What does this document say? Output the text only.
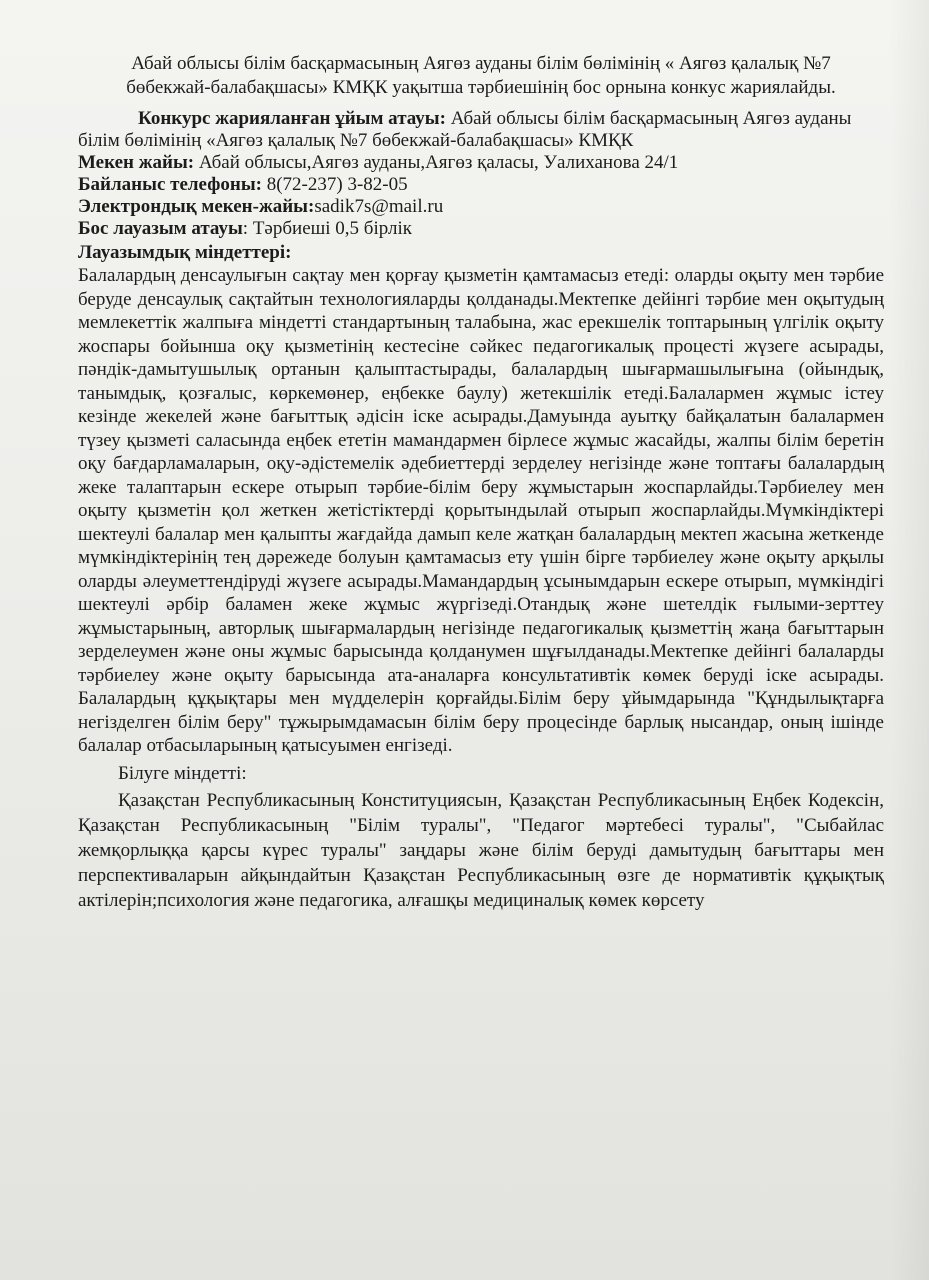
Абай облысы білім басқармасының Аягөз ауданы білім бөлімінің « Аягөз қалалық №7 бөбекжай-балабақшасы» КМҚК уақытша тәрбиешінің бос орнына конкус жариялайды.

Конкурс жарияланған ұйым атауы: Абай облысы білім басқармасының Аягөз ауданы білім бөлімінің «Аягөз қалалық №7 бөбекжай-балабақшасы» КМҚК

Мекен жайы: Абай облысы,Аягөз ауданы,Аягөз қаласы, Уалиханова 24/1

Байланыс телефоны: 8(72-237) 3-82-05

Электрондық мекен-жайы:sadik7s@mail.ru

Бос лауазым атауы: Тәрбиеші 0,5 бірлік

Лауазымдық міндеттері:

Балалардың денсаулығын сақтау мен қорғау қызметін қамтамасыз етеді: оларды оқыту мен тәрбие беруде денсаулық сақтайтын технологияларды қолданады.Мектепке дейінгі тәрбие мен оқытудың мемлекеттік жалпыға міндетті стандартының талабына, жас ерекшелік топтарының үлгілік оқыту жоспары бойынша оқу қызметінің кестесіне сәйкес педагогикалық процесті жүзеге асырады, пәндік-дамытушылық ортанын қалыптастырады, балалардың шығармашылығына (ойындық, танымдық, қозғалыс, көркемөнер, еңбекке баулу) жетекшілік етеді.Балалармен жұмыс істеу кезінде жекелей және бағыттық әдісін іске асырады.Дамуында ауытқу байқалатын балалармен түзеу қызметі саласында еңбек ететін мамандармен бірлесе жұмыс жасайды, жалпы білім беретін оқу бағдарламаларын, оқу-әдістемелік әдебиеттерді зерделеу негізінде және топтағы балалардың жеке талаптарын ескере отырып тәрбие-білім беру жұмыстарын жоспарлайды.Тәрбиелеу мен оқыту қызметін қол жеткен жетістіктерді қорытындылай отырып жоспарлайды.Мүмкіндіктері шектеулі балалар мен қалыпты жағдайда дамып келе жатқан балалардың мектеп жасына жеткенде мүмкіндіктерінің тең дәрежеде болуын қамтамасыз ету үшін бірге тәрбиелеу және оқыту арқылы оларды әлеуметтендіруді жүзеге асырады.Мамандардың ұсынымдарын ескере отырып, мүмкіндігі шектеулі әрбір баламен жеке жұмыс жүргізеді.Отандық және шетелдік ғылыми-зерттеу жұмыстарының, авторлық шығармалардың негізінде педагогикалық қызметтің жаңа бағыттарын зерделеумен және оны жұмыс барысында қолданумен шұғылданады.Мектепке дейінгі балаларды тәрбиелеу және оқыту барысында ата-аналарға консультативтік көмек беруді іске асырады. Балалардың құқықтары мен мүдделерін қорғайды.Білім беру ұйымдарында "Құндылықтарға негізделген білім беру" тұжырымдамасын білім беру процесінде барлық нысандар, оның ішінде балалар отбасыларының қатысуымен енгізеді.

Білуге міндетті:

Қазақстан Республикасының Конституциясын, Қазақстан Республикасының Еңбек Кодексін, Қазақстан Республикасының "Білім туралы", "Педагог мәртебесі туралы", "Сыбайлас жемқорлыққа қарсы күрес туралы" заңдары және білім беруді дамытудың бағыттары мен перспективаларын айқындайтын Қазақстан Республикасының өзге де нормативтік құқықтық актілерін;психология және педагогика, алғашқы медициналық көмек көрсету
